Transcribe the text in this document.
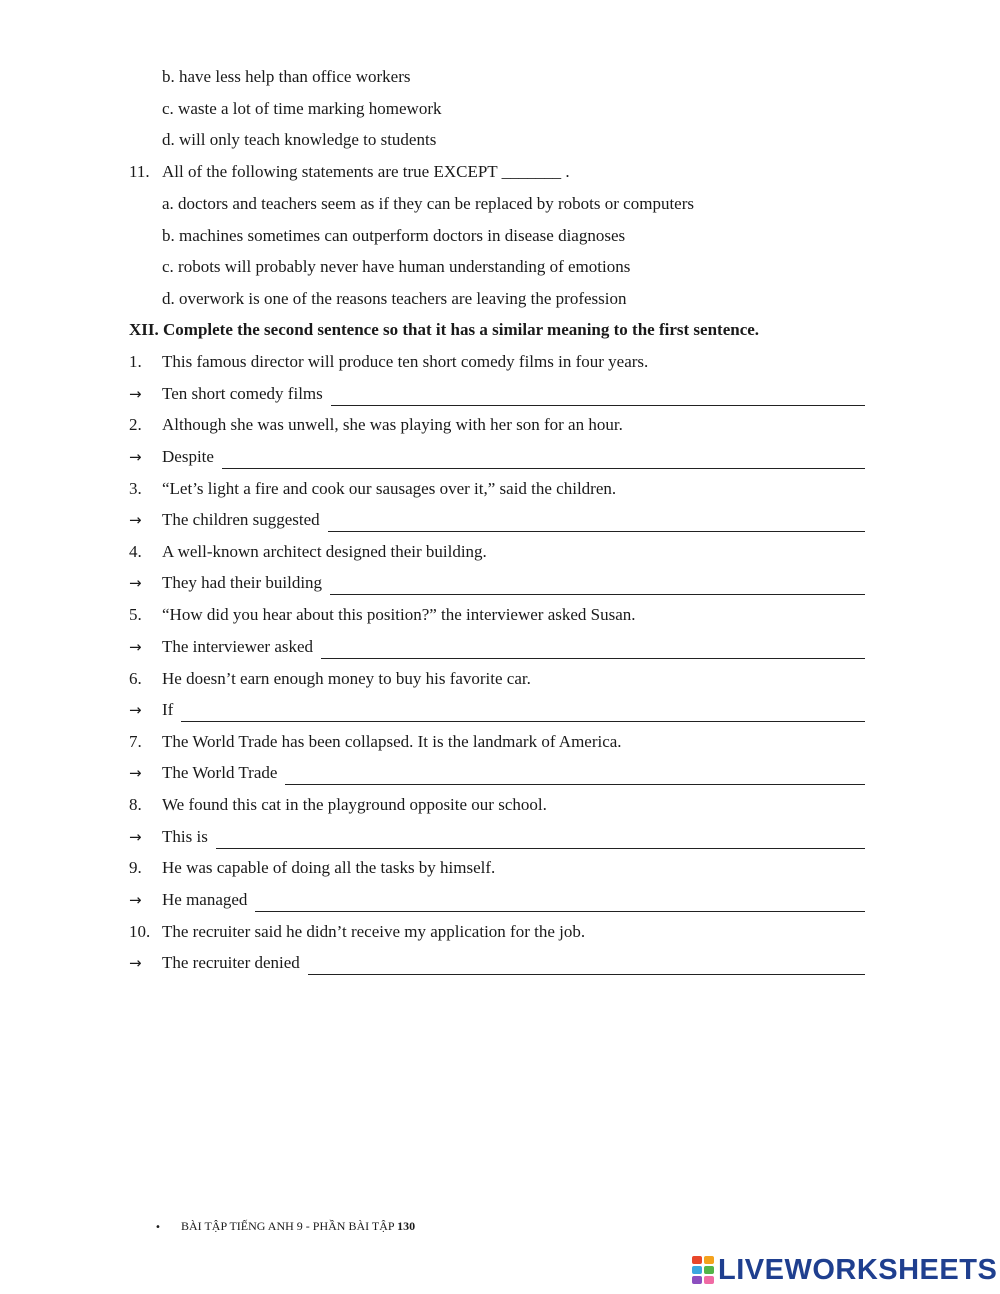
b. have less help than office workers
c. waste a lot of time marking homework
d. will only teach knowledge to students
11. All of the following statements are true EXCEPT _______ .
a. doctors and teachers seem as if they can be replaced by robots or computers
b. machines sometimes can outperform doctors in disease diagnoses
c. robots will probably never have human understanding of emotions
d. overwork is one of the reasons teachers are leaving the profession
XII. Complete the second sentence so that it has a similar meaning to the first sentence.
1. This famous director will produce ten short comedy films in four years.
→ Ten short comedy films
2. Although she was unwell, she was playing with her son for an hour.
→ Despite
3. “Let’s light a fire and cook our sausages over it,” said the children.
→ The children suggested
4. A well-known architect designed their building.
→ They had their building
5. “How did you hear about this position?” the interviewer asked Susan.
→ The interviewer asked
6. He doesn’t earn enough money to buy his favorite car.
→ If
7. The World Trade has been collapsed. It is the landmark of America.
→ The World Trade
8. We found this cat in the playground opposite our school.
→ This is
9. He was capable of doing all the tasks by himself.
→ He managed
10. The recruiter said he didn’t receive my application for the job.
→ The recruiter denied
• BÀI TẬP TIẾNG ANH 9 - PHẦN BÀI TẬP 130
LIVEWORKSHEETS
